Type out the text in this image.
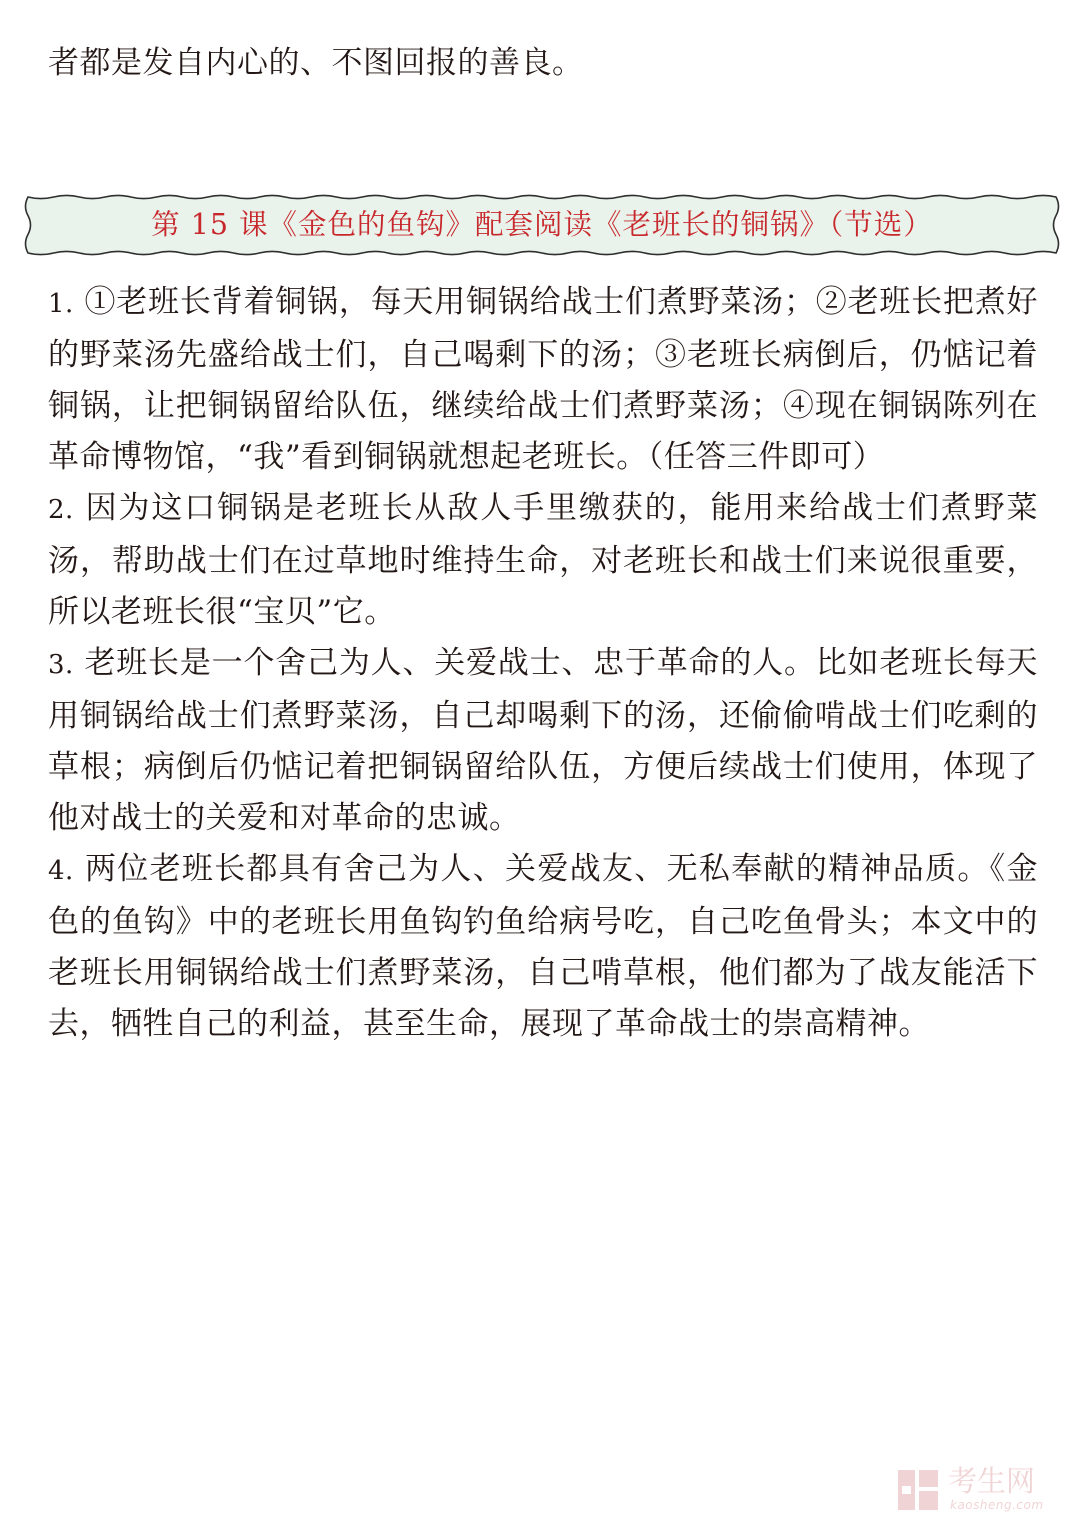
者都是发自内心的、不图回报的善良。
第 15 课《金色的鱼钩》配套阅读《老班长的铜锅》（节选）

1. ①老班长背着铜锅，每天用铜锅给战士们煮野菜汤；②老班长把煮好的野菜汤先盛给战士们，自己喝剩下的汤；③老班长病倒后，仍惦记着铜锅，让把铜锅留给队伍，继续给战士们煮野菜汤；④现在铜锅陈列在革命博物馆，“我”看到铜锅就想起老班长。（任答三件即可）

2. 因为这口铜锅是老班长从敌人手里缴获的，能用来给战士们煮野菜汤，帮助战士们在过草地时维持生命，对老班长和战士们来说很重要，所以老班长很“宝贝”它。

3. 老班长是一个舍己为人、关爱战士、忠于革命的人。比如老班长每天用铜锅给战士们煮野菜汤，自己却喝剩下的汤，还偷偷啃战士们吃剩的草根；病倒后仍惦记着把铜锅留给队伍，方便后续战士们使用，体现了他对战士的关爱和对革命的忠诚。

4. 两位老班长都具有舍己为人、关爱战友、无私奉献的精神品质。《金色的鱼钩》中的老班长用鱼钩钓鱼给病号吃，自己吃鱼骨头；本文中的老班长用铜锅给战士们煮野菜汤，自己啃草根，他们都为了战友能活下去，牺牲自己的利益，甚至生命，展现了革命战士的崇高精神。

考生网
kaosheng.com
